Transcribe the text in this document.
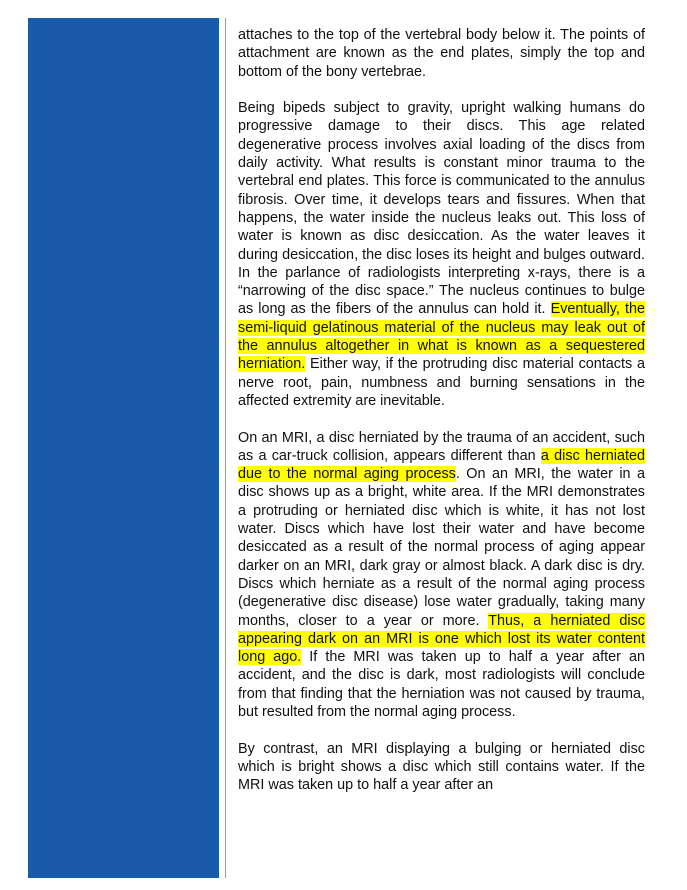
attaches to the top of the vertebral body below it. The points of attachment are known as the end plates, simply the top and bottom of the bony vertebrae.

Being bipeds subject to gravity, upright walking humans do progressive damage to their discs. This age related degenerative process involves axial loading of the discs from daily activity. What results is constant minor trauma to the vertebral end plates. This force is communicated to the annulus fibrosis. Over time, it develops tears and fissures. When that happens, the water inside the nucleus leaks out. This loss of water is known as disc desiccation. As the water leaves it during desiccation, the disc loses its height and bulges outward. In the parlance of radiologists interpreting x-rays, there is a “narrowing of the disc space.” The nucleus continues to bulge as long as the fibers of the annulus can hold it. Eventually, the semi-liquid gelatinous material of the nucleus may leak out of the annulus altogether in what is known as a sequestered herniation. Either way, if the protruding disc material contacts a nerve root, pain, numbness and burning sensations in the affected extremity are inevitable.

On an MRI, a disc herniated by the trauma of an accident, such as a car-truck collision, appears different than a disc herniated due to the normal aging process. On an MRI, the water in a disc shows up as a bright, white area. If the MRI demonstrates a protruding or herniated disc which is white, it has not lost water. Discs which have lost their water and have become desiccated as a result of the normal process of aging appear darker on an MRI, dark gray or almost black. A dark disc is dry. Discs which herniate as a result of the normal aging process (degenerative disc disease) lose water gradually, taking many months, closer to a year or more. Thus, a herniated disc appearing dark on an MRI is one which lost its water content long ago. If the MRI was taken up to half a year after an accident, and the disc is dark, most radiologists will conclude from that finding that the herniation was not caused by trauma, but resulted from the normal aging process.

By contrast, an MRI displaying a bulging or herniated disc which is bright shows a disc which still contains water. If the MRI was taken up to half a year after an
